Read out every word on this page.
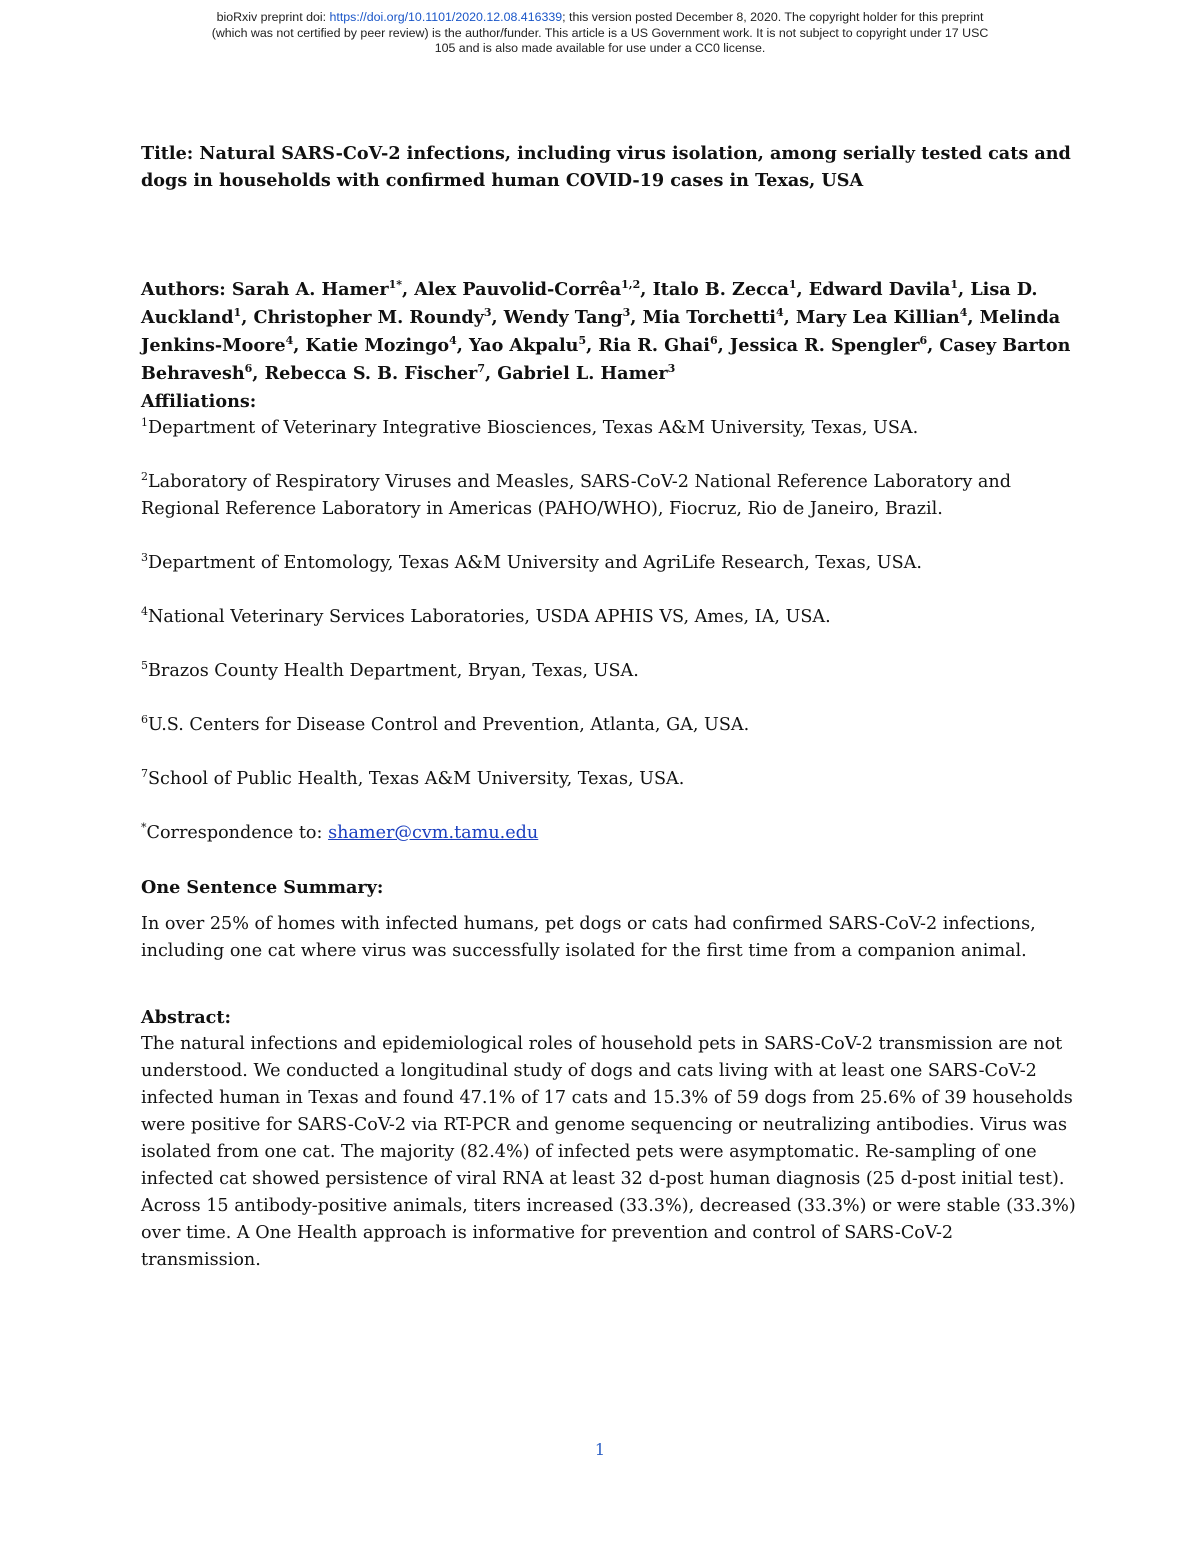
bioRxiv preprint doi: https://doi.org/10.1101/2020.12.08.416339; this version posted December 8, 2020. The copyright holder for this preprint
(which was not certified by peer review) is the author/funder. This article is a US Government work. It is not subject to copyright under 17 USC
105 and is also made available for use under a CC0 license.

Title: Natural SARS-CoV-2 infections, including virus isolation, among serially tested cats and dogs in households with confirmed human COVID-19 cases in Texas, USA

Authors: Sarah A. Hamer$^{1*}$, Alex Pauvolid-Corrêa$^{1,2}$, Italo B. Zecca$^1$, Edward Davila$^1$, Lisa D. Auckland$^1$, Christopher M. Roundy$^3$, Wendy Tang$^3$, Mia Torchetti$^4$, Mary Lea Killian$^4$, Melinda Jenkins-Moore$^4$, Katie Mozingo$^4$, Yao Akpalu$^5$, Ria R. Ghai$^6$, Jessica R. Spengler$^6$, Casey Barton Behravesh$^6$, Rebecca S. B. Fischer$^7$, Gabriel L. Hamer$^3$

Affiliations:

$^1$Department of Veterinary Integrative Biosciences, Texas A&M University, Texas, USA.

$^2$Laboratory of Respiratory Viruses and Measles, SARS-CoV-2 National Reference Laboratory and Regional Reference Laboratory in Americas (PAHO/WHO), Fiocruz, Rio de Janeiro, Brazil.

$^3$Department of Entomology, Texas A&M University and AgriLife Research, Texas, USA.

$^4$National Veterinary Services Laboratories, USDA APHIS VS, Ames, IA, USA.

$^5$Brazos County Health Department, Bryan, Texas, USA.

$^6$U.S. Centers for Disease Control and Prevention, Atlanta, GA, USA.

$^7$School of Public Health, Texas A&M University, Texas, USA.

*Correspondence to: shamer@cvm.tamu.edu

One Sentence Summary:

In over 25% of homes with infected humans, pet dogs or cats had confirmed SARS-CoV-2 infections, including one cat where virus was successfully isolated for the first time from a companion animal.

Abstract:

The natural infections and epidemiological roles of household pets in SARS-CoV-2 transmission are not understood. We conducted a longitudinal study of dogs and cats living with at least one SARS-CoV-2 infected human in Texas and found 47.1% of 17 cats and 15.3% of 59 dogs from 25.6% of 39 households were positive for SARS-CoV-2 via RT-PCR and genome sequencing or neutralizing antibodies. Virus was isolated from one cat. The majority (82.4%) of infected pets were asymptomatic. Re-sampling of one infected cat showed persistence of viral RNA at least 32 d-post human diagnosis (25 d-post initial test). Across 15 antibody-positive animals, titers increased (33.3%), decreased (33.3%) or were stable (33.3%) over time. A One Health approach is informative for prevention and control of SARS-CoV-2 transmission.

1
